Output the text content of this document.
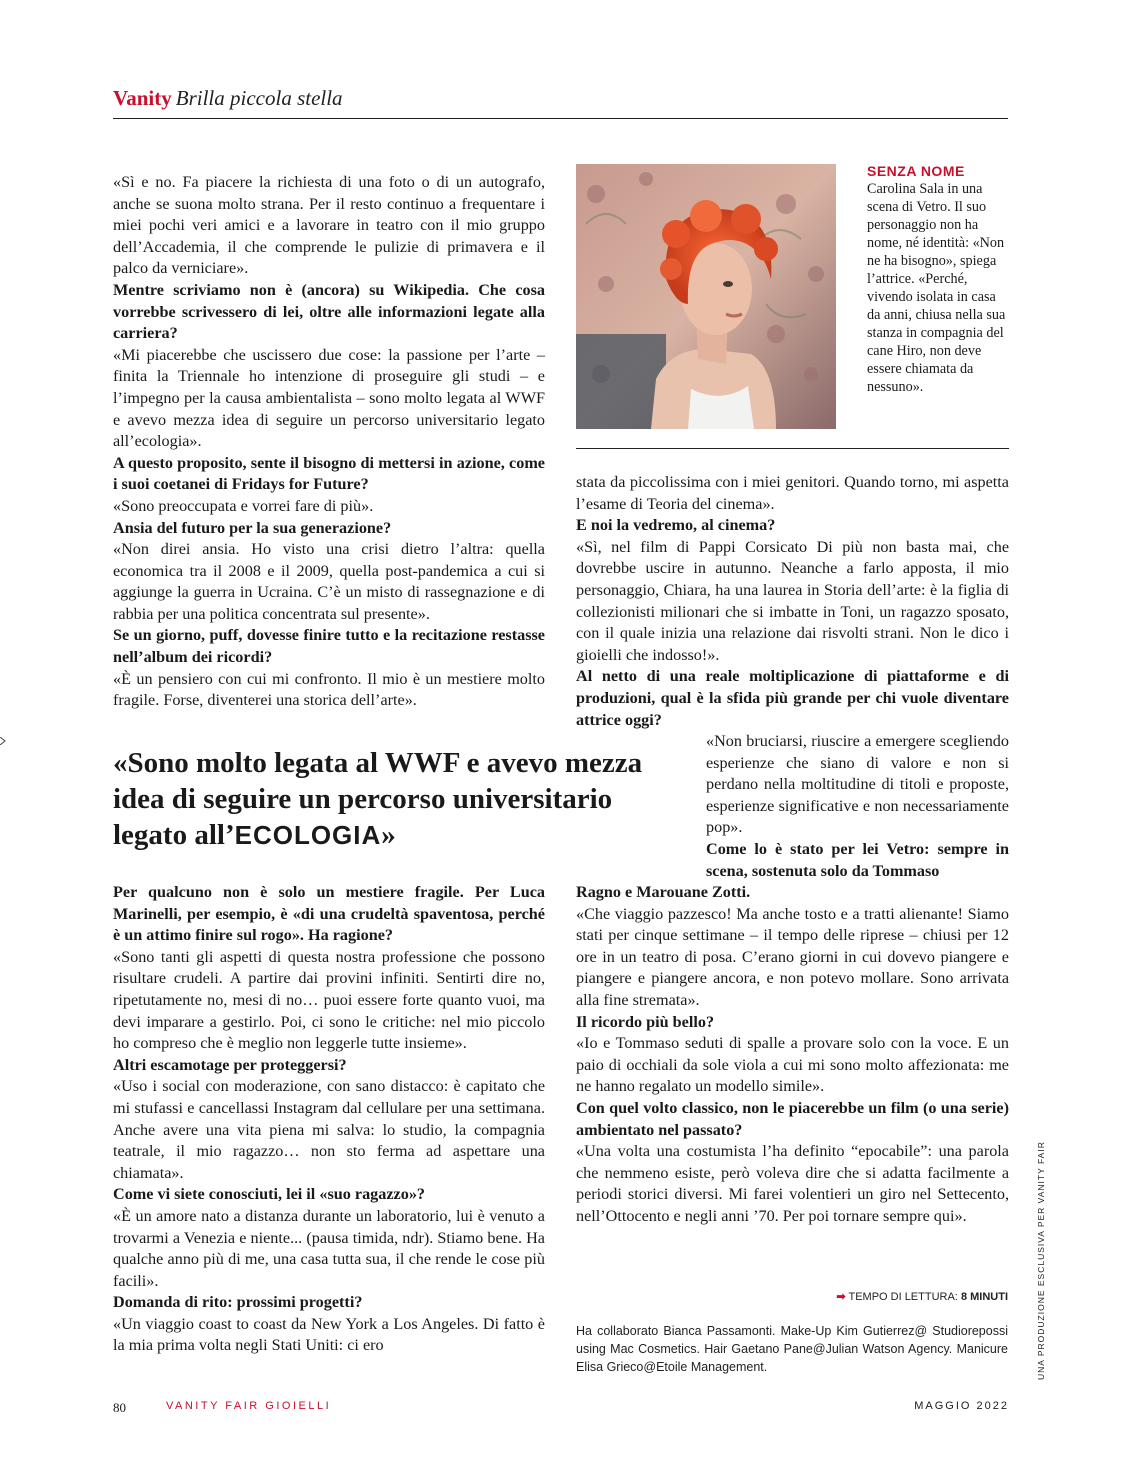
Vanity Brilla piccola stella

«Sì e no. Fa piacere la richiesta di una foto o di un autografo, anche se suona molto strana. Per il resto continuo a frequentare i miei pochi veri amici e a lavorare in teatro con il mio gruppo dell’Accademia, il che comprende le pulizie di primavera e il palco da verniciare».

Mentre scriviamo non è (ancora) su Wikipedia. Che cosa vorrebbe scrivessero di lei, oltre alle informazioni legate alla carriera?

«Mi piacerebbe che uscissero due cose: la passione per l’arte – finita la Triennale ho intenzione di proseguire gli studi – e l’impegno per la causa ambientalista – sono molto legata al WWF e avevo mezza idea di seguire un percorso universitario legato all’ecologia».

A questo proposito, sente il bisogno di mettersi in azione, come i suoi coetanei di Fridays for Future?

«Sono preoccupata e vorrei fare di più».

Ansia del futuro per la sua generazione?

«Non direi ansia. Ho visto una crisi dietro l’altra: quella economica tra il 2008 e il 2009, quella post-pandemica a cui si aggiunge la guerra in Ucraina. C’è un misto di rassegnazione e di rabbia per una politica concentrata sul presente».

Se un giorno, puff, dovesse finire tutto e la recitazione restasse nell’album dei ricordi?

«È un pensiero con cui mi confronto. Il mio è un mestiere molto fragile. Forse, diventerei una storica dell’arte».

SENZA NOME
Carolina Sala in una scena di Vetro. Il suo personaggio non ha nome, né identità: «Non ne ha bisogno», spiega l’attrice. «Perché, vivendo isolata in casa da anni, chiusa nella sua stanza in compagnia del cane Hiro, non deve essere chiamata da nessuno».

stata da piccolissima con i miei genitori. Quando torno, mi aspetta l’esame di Teoria del cinema».

E noi la vedremo, al cinema?

«Sì, nel film di Pappi Corsicato Di più non basta mai, che dovrebbe uscire in autunno. Neanche a farlo apposta, il mio personaggio, Chiara, ha una laurea in Storia dell’arte: è la figlia di collezionisti milionari che si imbatte in Toni, un ragazzo sposato, con il quale inizia una relazione dai risvolti strani. Non le dico i gioielli che indosso!».

Al netto di una reale moltiplicazione di piattaforme e di produzioni, qual è la sfida più grande per chi vuole diventare attrice oggi?

«Non bruciarsi, riuscire a emergere scegliendo esperienze che siano di valore e non si perdano nella moltitudine di titoli e proposte, esperienze significative e non necessariamente pop».

Come lo è stato per lei Vetro: sempre in scena, sostenuta solo da Tommaso

«Sono molto legata al WWF e avevo mezza idea di seguire un percorso universitario legato all’ECOLOGIA»

Per qualcuno non è solo un mestiere fragile. Per Luca Marinelli, per esempio, è «di una crudeltà spaventosa, perché è un attimo finire sul rogo». Ha ragione?

«Sono tanti gli aspetti di questa nostra professione che possono risultare crudeli. A partire dai provini infiniti. Sentirti dire no, ripetutamente no, mesi di no… puoi essere forte quanto vuoi, ma devi imparare a gestirlo. Poi, ci sono le critiche: nel mio piccolo ho compreso che è meglio non leggerle tutte insieme».

Altri escamotage per proteggersi?

«Uso i social con moderazione, con sano distacco: è capitato che mi stufassi e cancellassi Instagram dal cellulare per una settimana. Anche avere una vita piena mi salva: lo studio, la compagnia teatrale, il mio ragazzo… non sto ferma ad aspettare una chiamata».

Come vi siete conosciuti, lei il «suo ragazzo»?

«È un amore nato a distanza durante un laboratorio, lui è venuto a trovarmi a Venezia e niente... (pausa timida, ndr). Stiamo bene. Ha qualche anno più di me, una casa tutta sua, il che rende le cose più facili».

Domanda di rito: prossimi progetti?

«Un viaggio coast to coast da New York a Los Angeles. Di fatto è la mia prima volta negli Stati Uniti: ci ero

Ragno e Marouane Zotti.

«Che viaggio pazzesco! Ma anche tosto e a tratti alienante! Siamo stati per cinque settimane – il tempo delle riprese – chiusi per 12 ore in un teatro di posa. C’erano giorni in cui dovevo piangere e piangere e piangere ancora, e non potevo mollare. Sono arrivata alla fine stremata».

Il ricordo più bello?

«Io e Tommaso seduti di spalle a provare solo con la voce. E un paio di occhiali da sole viola a cui mi sono molto affezionata: me ne hanno regalato un modello simile».

Con quel volto classico, non le piacerebbe un film (o una serie) ambientato nel passato?

«Una volta una costumista l’ha definito “epocabile”: una parola che nemmeno esiste, però voleva dire che si adatta facilmente a periodi storici diversi. Mi farei volentieri un giro nel Settecento, nell’Ottocento e negli anni ’70. Per poi tornare sempre qui».

➡ TEMPO DI LETTURA: 8 MINUTI
Ha collaborato Bianca Passamonti. Make-Up Kim Gutierrez@ Studiorepossi using Mac Cosmetics. Hair Gaetano Pane@Julian Watson Agency. Manicure Elisa Grieco@Etoile Management.
80	VANITY FAIR GIOIELLI	MAGGIO 2022
UNA PRODUZIONE ESCLUSIVA PER VANITY FAIR
